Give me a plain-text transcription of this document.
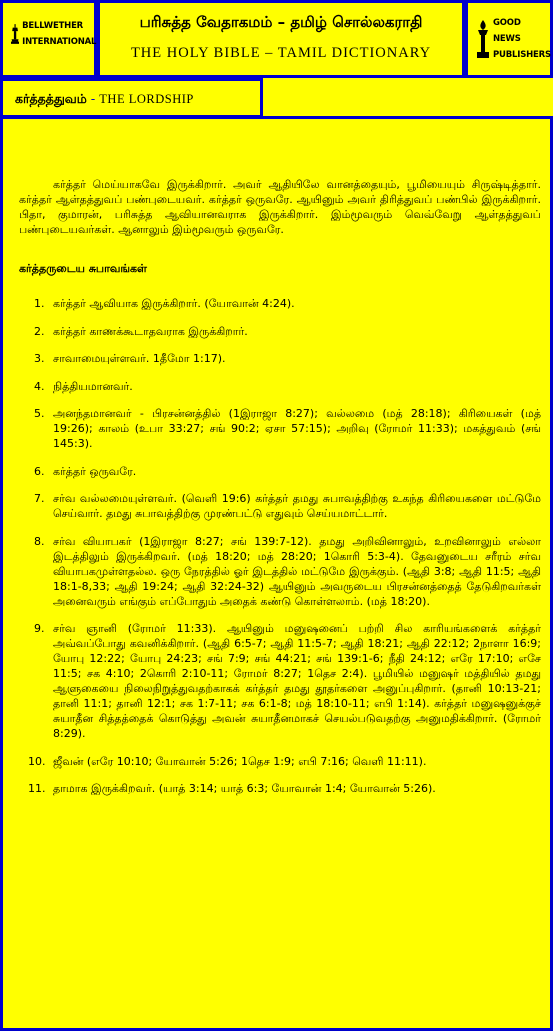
BELLWETHER INTERNATIONAL
பரிசுத்த வேதாகமம் – தமிழ் சொல்லகராதி
THE HOLY BIBLE – TAMIL DICTIONARY
GOOD NEWS PUBLISHERS
கர்த்தத்துவம் - THE LORDSHIP

கர்த்தர் மெய்யாகவே இருக்கிறார். அவர் ஆதியிலே வானத்தையும், பூமியையும் சிருஷ்டித்தார். கர்த்தர் ஆள்தத்துவப் பண்புடையவர். கர்த்தர் ஒருவரே. ஆயினும் அவர் திரித்துவப் பண்பில் இருக்கிறார். பிதா, குமாரன், பரிசுத்த ஆவியானவராக இருக்கிறார். இம்மூவரும் வெவ்வேறு ஆள்தத்துவப் பண்புடையவர்கள். ஆனாலும் இம்மூவரும் ஒருவரே.

கர்த்தருடைய சுபாவங்கள்
1. கர்த்தர் ஆவியாக இருக்கிறார். (யோவான் 4:24).
2. கர்த்தர் காணக்கூடாதவராக இருக்கிறார்.
3. சாவாமையுள்ளவர். 1தீமோ 1:17).
4. நித்தியமானவர்.
5. அனந்தமானவர் - பிரசன்னத்தில் (1இராஜா 8:27); வல்லமை (மத் 28:18); கிரியைகள் (மத் 19:26); காலம் (உபா 33:27; சங் 90:2; ஏசா 57:15); அறிவு (ரோமர் 11:33); மகத்துவம் (சங் 145:3).
6. கர்த்தர் ஒருவரே.
7. சர்வ வல்லமையுள்ளவர். (வெளி 19:6) கர்த்தர் தமது சுபாவத்திற்கு உகந்த கிரியைகளை மட்டுமே செய்வார். தமது சுபாவத்திற்கு முரண்பட்டு எதுவும் செய்யமாட்டார்.
8. சர்வ வியாபகர் (1இராஜா 8:27; சங் 139:7-12). தமது அறிவினாலும், உறவினாலும் எல்லா இடத்திலும் இருக்கிறவர். (மத் 18:20; மத் 28:20; 1கொரி 5:3-4). தேவனுடைய சரீரம் சர்வ வியாபகமுள்ளதல்ல. ஒரு நேரத்தில் ஓர் இடத்தில் மட்டுமே இருக்கும். (ஆதி 3:8; ஆதி 11:5; ஆதி 18:1-8,33; ஆதி 19:24; ஆதி 32:24-32) ஆயினும் அவருடைய பிரசன்னத்தைத் தேடுகிறவர்கள் அனைவரும் எங்கும் எப்போதும் அதைக் கண்டு கொள்ளலாம். (மத் 18:20).
9. சர்வ ஞானி (ரோமர் 11:33). ஆயினும் மனுஷனைப் பற்றி சில காரியங்களைக் கர்த்தர் அவ்வப்போது கவனிக்கிறார். (ஆதி 6:5-7; ஆதி 11:5-7; ஆதி 18:21; ஆதி 22:12; 2நாளா 16:9; யோபு 12:22; யோபு 24:23; சங் 7:9; சங் 44:21; சங் 139:1-6; நீதி 24:12; எரே 17:10; எசே 11:5; சக 4:10; 2கொரி 2:10-11; ரோமர் 8:27; 1தெச 2:4). பூமியில் மனுஷர் மத்தியில் தமது ஆளுகையை நிலைநிறுத்துவதற்காகக் கர்த்தர் தமது தூதர்களை அனுப்புகிறார். (தானி 10:13-21; தானி 11:1; தானி 12:1; சக 1:7-11; சக 6:1-8; மத் 18:10-11; எபி 1:14). கர்த்தர் மனுஷனுக்குச் சுயாதீன சித்தத்தைக் கொடுத்து அவன் சுயாதீனமாகச் செயல்படுவதற்கு அனுமதிக்கிறார். (ரோமர் 8:29).
10. ஜீவன் (எரே 10:10; யோவான் 5:26; 1தெச 1:9; எபி 7:16; வெளி 11:11).
11. தாமாக இருக்கிறவர். (யாத் 3:14; யாத் 6:3; யோவான் 1:4; யோவான் 5:26).
